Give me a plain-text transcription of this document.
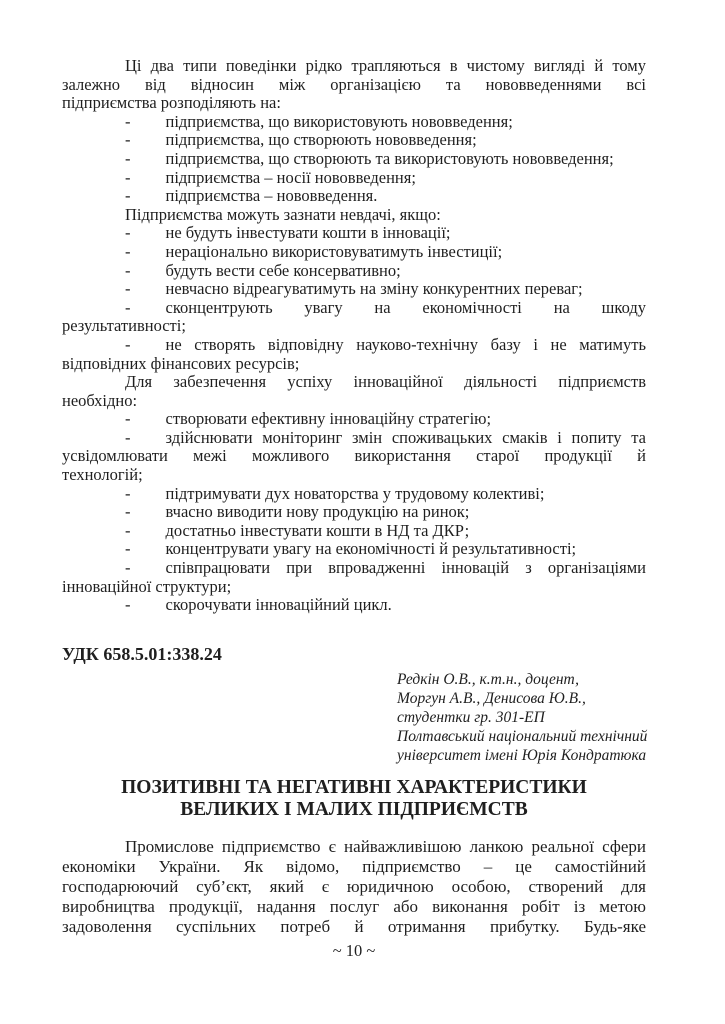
Ці два типи поведінки рідко трапляються в чистому вигляді й тому
залежно від відносин між організацією та нововведеннями всі
підприємства розподіляють на:
- підприємства, що використовують нововведення;
- підприємства, що створюють нововведення;
- підприємства, що створюють та використовують нововведення;
- підприємства – носії нововведення;
- підприємства – нововведення.
Підприємства можуть зазнати невдачі, якщо:
- не будуть інвестувати кошти в інновації;
- нераціонально використовуватимуть інвестиції;
- будуть вести себе консервативно;
- невчасно відреагуватимуть на зміну конкурентних переваг;
- сконцентрують увагу на економічності на шкоду
результативності;
- не створять відповідну науково-технічну базу і не матимуть
відповідних фінансових ресурсів;
Для забезпечення успіху інноваційної діяльності підприємств
необхідно:
- створювати ефективну інноваційну стратегію;
- здійснювати моніторинг змін споживацьких смаків і попиту та
усвідомлювати межі можливого використання старої продукції й
технологій;
- підтримувати дух новаторства у трудовому колективі;
- вчасно виводити нову продукцію на ринок;
- достатньо інвестувати кошти в НД та ДКР;
- концентрувати увагу на економічності й результативності;
- співпрацювати при впровадженні інновацій з організаціями
інноваційної структури;
- скорочувати інноваційний цикл.
УДК 658.5.01:338.24
Редкін О.В., к.т.н., доцент,
Моргун А.В., Денисова Ю.В.,
студентки гр. 301-ЕП
Полтавський національний технічний
університет імені Юрія Кондратюка
ПОЗИТИВНІ ТА НЕГАТИВНІ ХАРАКТЕРИСТИКИ
ВЕЛИКИХ І МАЛИХ ПІДПРИЄМСТВ
Промислове підприємство є найважливішою ланкою реальної сфери
економіки України. Як відомо, підприємство – це самостійний
господарюючий суб’єкт, який є юридичною особою, створений для
виробництва продукції, надання послуг або виконання робіт із метою
задоволення суспільних потреб й отримання прибутку. Будь-яке
~ 10 ~
